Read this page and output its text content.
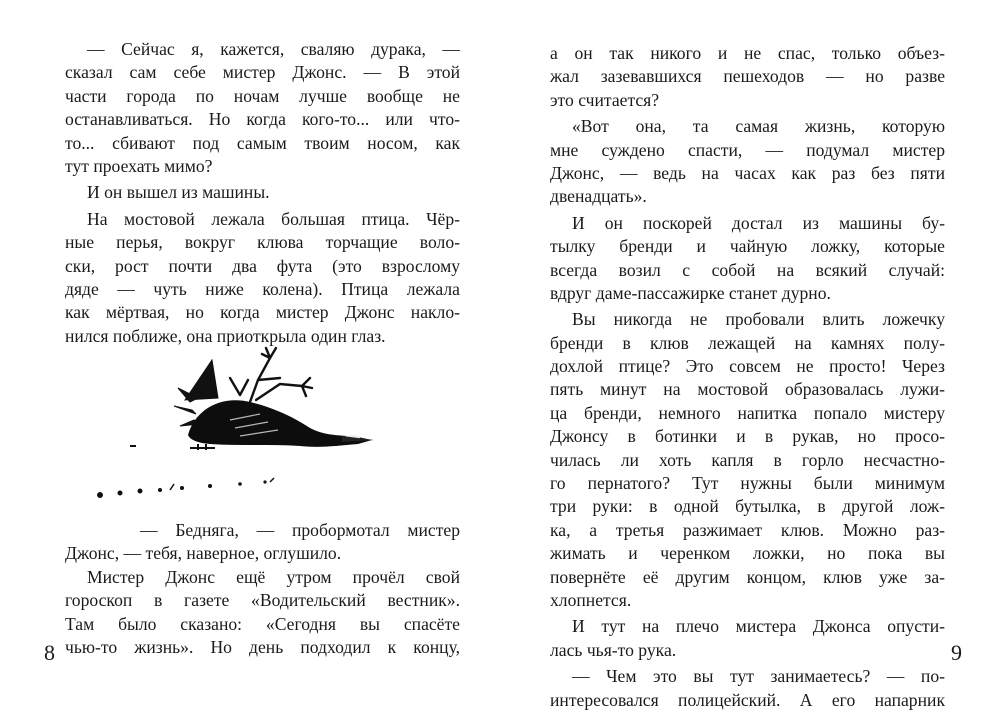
— Сейчас я, кажется, сваляю дурака, —
сказал сам себе мистер Джонс. — В этой
части города по ночам лучше вообще не
останавливаться. Но когда кого-то... или что-
то... сбивают под самым твоим носом, как
тут проехать мимо?
И он вышел из машины.
На мостовой лежала большая птица. Чёр-
ные перья, вокруг клюва торчащие воло-
ски, рост почти два фута (это взрослому
дяде — чуть ниже колена). Птица лежала
как мёртвая, но когда мистер Джонс накло-
нился поближе, она приоткрыла один глаз.
— Бедняга, — пробормотал мистер
Джонс, — тебя, наверное, оглушило.
Мистер Джонс ещё утром прочёл свой
гороскоп в газете «Водительский вестник».
Там было сказано: «Сегодня вы спасёте
чью-то жизнь». Но день подходил к концу,
8
а он так никого и не спас, только объез-
жал зазевавшихся пешеходов — но разве
это считается?
«Вот она, та самая жизнь, которую
мне суждено спасти, — подумал мистер
Джонс, — ведь на часах как раз без пяти
двенадцать».
И он поскорей достал из машины бу-
тылку бренди и чайную ложку, которые
всегда возил с собой на всякий случай:
вдруг даме-пассажирке станет дурно.
Вы никогда не пробовали влить ложечку
бренди в клюв лежащей на камнях полу-
дохлой птице? Это совсем не просто! Через
пять минут на мостовой образовалась лужи-
ца бренди, немного напитка попало мистеру
Джонсу в ботинки и в рукав, но просо-
чилась ли хоть капля в горло несчастно-
го пернатого? Тут нужны были минимум
три руки: в одной бутылка, в другой лож-
ка, а третья разжимает клюв. Можно раз-
жимать и черенком ложки, но пока вы
повернёте её другим концом, клюв уже за-
хлопнется.
И тут на плечо мистера Джонса опусти-
лась чья-то рука.
— Чем это вы тут занимаетесь? — по-
интересовался полицейский. А его напарник
9
